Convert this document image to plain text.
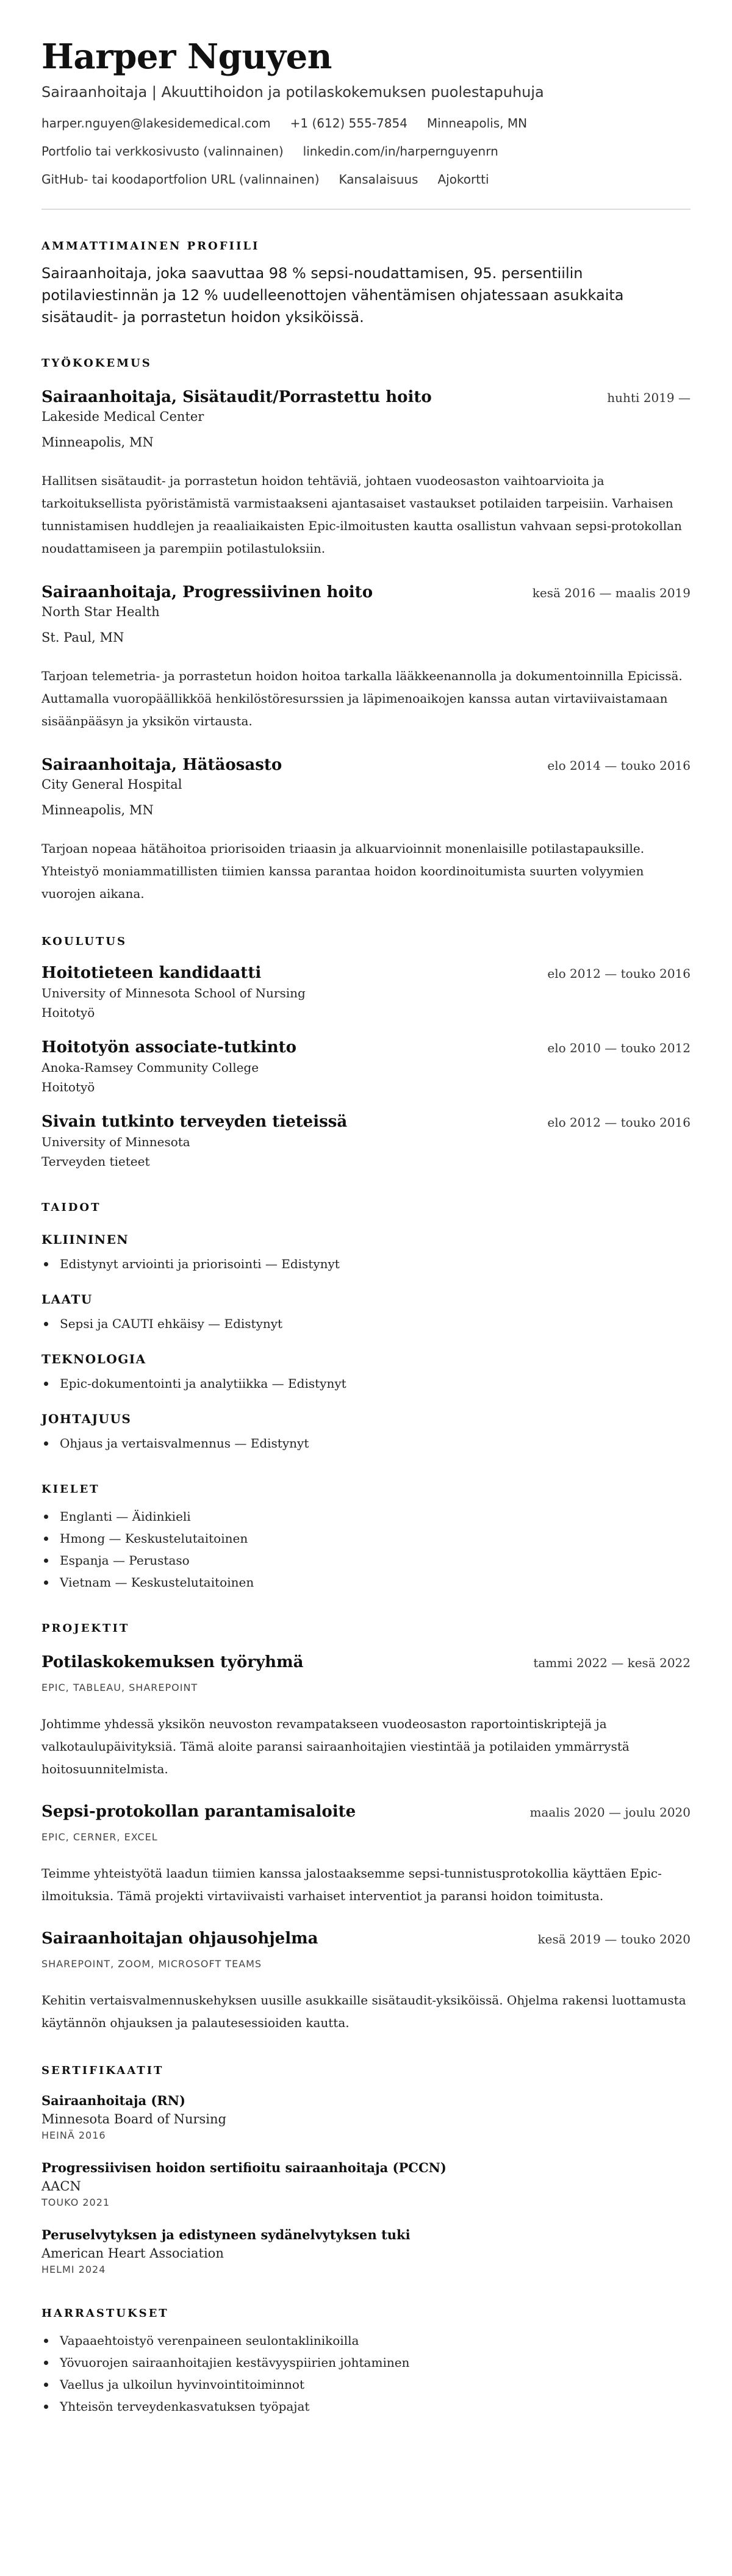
Harper Nguyen
Sairaanhoitaja | Akuuttihoidon ja potilaskokemuksen puolestapuhuja
harper.nguyen@lakesidemedical.com +1 (612) 555-7854 Minneapolis, MN
Portfolio tai verkkosivusto (valinnainen) linkedin.com/in/harpernguyenrn
GitHub- tai koodaportfolion URL (valinnainen) Kansalaisuus Ajokortti
AMMATTIMAINEN PROFIILI

Sairaanhoitaja, joka saavuttaa 98 % sepsi-noudattamisen, 95. persentiilin potilaviestinnän ja 12 % uudelleenottojen vähentämisen ohjatessaan asukkaita sisätaudit- ja porrastetun hoidon yksiköissä.

TYÖKOKEMUS
Sairaanhoitaja, Sisätaudit/Porrastettu hoito	huhti 2019 —
Lakeside Medical Center
Minneapolis, MN

Hallitsen sisätaudit- ja porrastetun hoidon tehtäviä, johtaen vuodeosaston vaihtoarvioita ja tarkoituksellista pyöristämistä varmistaakseni ajantasaiset vastaukset potilaiden tarpeisiin. Varhaisen tunnistamisen huddlejen ja reaaliaikaisten Epic-ilmoitusten kautta osallistun vahvaan sepsi-protokollan noudattamiseen ja parempiin potilastuloksiin.

Sairaanhoitaja, Progressiivinen hoito	kesä 2016 — maalis 2019
North Star Health
St. Paul, MN

Tarjoan telemetria- ja porrastetun hoidon hoitoa tarkalla lääkkeenannolla ja dokumentoinnilla Epicissä. Auttamalla vuoropäällikköä henkilöstöresurssien ja läpimenoaikojen kanssa autan virtaviivaistamaan sisäänpääsyn ja yksikön virtausta.

Sairaanhoitaja, Hätäosasto	elo 2014 — touko 2016
City General Hospital
Minneapolis, MN

Tarjoan nopeaa hätähoitoa priorisoiden triaasin ja alkuarvioinnit monenlaisille potilastapauksille. Yhteistyö moniammatillisten tiimien kanssa parantaa hoidon koordinoitumista suurten volyymien vuorojen aikana.

KOULUTUS
Hoitotieteen kandidaatti	elo 2012 — touko 2016
University of Minnesota School of Nursing
Hoitotyö
Hoitotyön associate-tutkinto	elo 2010 — touko 2012
Anoka-Ramsey Community College
Hoitotyö
Sivain tutkinto terveyden tieteissä	elo 2012 — touko 2016
University of Minnesota
Terveyden tieteet
TAIDOT
KLIININEN
Edistynyt arviointi ja priorisointi — Edistynyt
LAATU
Sepsi ja CAUTI ehkäisy — Edistynyt
TEKNOLOGIA
Epic-dokumentointi ja analytiikka — Edistynyt
JOHTAJUUS
Ohjaus ja vertaisvalmennus — Edistynyt
KIELET
Englanti — Äidinkieli
Hmong — Keskustelutaitoinen
Espanja — Perustaso
Vietnam — Keskustelutaitoinen
PROJEKTIT
Potilaskokemuksen työryhmä	tammi 2022 — kesä 2022
EPIC, TABLEAU, SHAREPOINT

Johtimme yhdessä yksikön neuvoston revampatakseen vuodeosaston raportointiskriptejä ja valkotaulupäivityksiä. Tämä aloite paransi sairaanhoitajien viestintää ja potilaiden ymmärrystä hoitosuunnitelmista.

Sepsi-protokollan parantamisaloite	maalis 2020 — joulu 2020
EPIC, CERNER, EXCEL

Teimme yhteistyötä laadun tiimien kanssa jalostaaksemme sepsi-tunnistusprotokollia käyttäen Epic-ilmoituksia. Tämä projekti virtaviivaisti varhaiset interventiot ja paransi hoidon toimitusta.

Sairaanhoitajan ohjausohjelma	kesä 2019 — touko 2020
SHAREPOINT, ZOOM, MICROSOFT TEAMS

Kehitin vertaisvalmennuskehyksen uusille asukkaille sisätaudit-yksiköissä. Ohjelma rakensi luottamusta käytännön ohjauksen ja palautesessioiden kautta.

SERTIFIKAATIT
Sairaanhoitaja (RN)
Minnesota Board of Nursing
HEINÄ 2016
Progressiivisen hoidon sertifioitu sairaanhoitaja (PCCN)
AACN
TOUKO 2021
Peruselvytyksen ja edistyneen sydänelvytyksen tuki
American Heart Association
HELMI 2024
HARRASTUKSET
Vapaaehtoistyö verenpaineen seulontaklinikoilla
Yövuorojen sairaanhoitajien kestävyyspiirien johtaminen
Vaellus ja ulkoilun hyvinvointitoiminnot
Yhteisön terveydenkasvatuksen työpajat
